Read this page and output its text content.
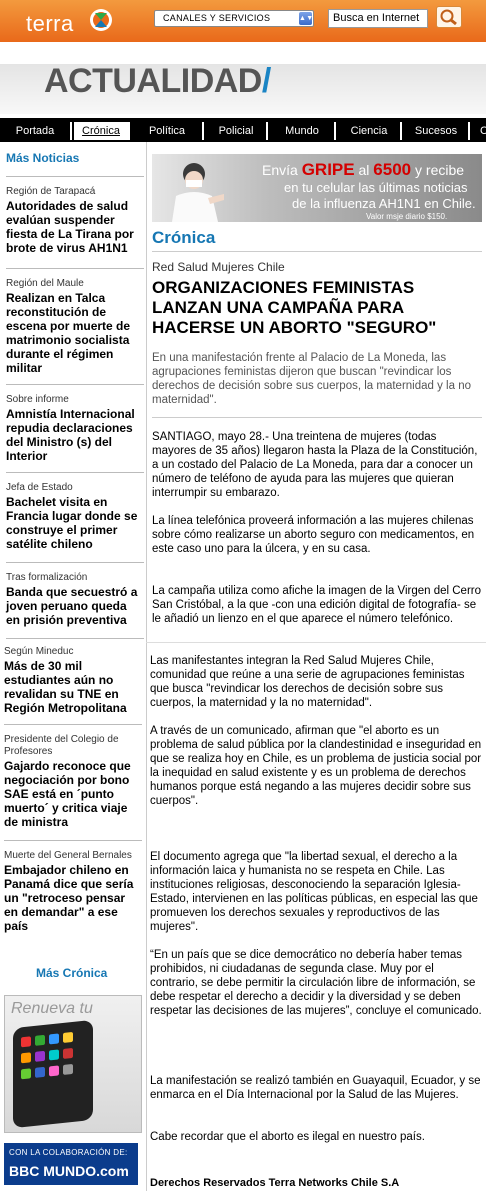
terra	CANALES Y SERVICIOS	▲▼	Busca en Internet
ACTUALIDAD/
Portada	Crónica	Política	Policial	Mundo	Ciencia	Sucesos	Ce
Más Noticias
Región de Tarapacá
Autoridades de salud evalúan suspender fiesta de La Tirana por brote de virus AH1N1
Región del Maule
Realizan en Talca reconstitución de escena por muerte de matrimonio socialista durante el régimen militar
Sobre informe
Amnistía Internacional repudia declaraciones del Ministro (s) del Interior
Jefa de Estado
Bachelet visita en Francia lugar donde se construye el primer satélite chileno
Tras formalización
Banda que secuestró a joven peruano queda en prisión preventiva
Según Mineduc
Más de 30 mil estudiantes aún no revalidan su TNE en Región Metropolitana
Presidente del Colegio de Profesores
Gajardo reconoce que negociación por bono SAE está en ´punto muerto´ y critica viaje de ministra
Muerte del General Bernales
Embajador chileno en Panamá dice que sería un "retroceso pensar en demandar" a ese país
Más Crónica
Renueva tu
CON LA COLABORACIÓN DE:
BBC MUNDO.com
Envía GRIPE al 6500 y recibe
en tu celular las últimas noticias
de la influenza AH1N1 en Chile.
Valor msje diario $150.
Crónica
Red Salud Mujeres Chile
ORGANIZACIONES FEMINISTAS LANZAN UNA CAMPAÑA PARA HACERSE UN ABORTO "SEGURO"
En una manifestación frente al Palacio de La Moneda, las agrupaciones feministas dijeron que buscan "revindicar los derechos de decisión sobre sus cuerpos, la maternidad y la no maternidad".
SANTIAGO, mayo 28.- Una treintena de mujeres (todas mayores de 35 años) llegaron hasta la Plaza de la Constitución, a un costado del Palacio de La Moneda, para dar a conocer un número de teléfono de ayuda para las mujeres que quieran interrumpir su embarazo.
La línea telefónica proveerá información a las mujeres chilenas sobre cómo realizarse un aborto seguro con medicamentos, en este caso uno para la úlcera, y en su casa.
La campaña utiliza como afiche la imagen de la Virgen del Cerro San Cristóbal, a la que -con una edición digital de fotografía- se le añadió un lienzo en el que aparece el número telefónico.
Las manifestantes integran la Red Salud Mujeres Chile, comunidad que reúne a una serie de agrupaciones feministas que busca "revindicar los derechos de decisión sobre sus cuerpos, la maternidad y la no maternidad".
A través de un comunicado, afirman que "el aborto es un problema de salud pública por la clandestinidad e inseguridad en que se realiza hoy en Chile, es un problema de justicia social por la inequidad en salud existente y es un problema de derechos humanos porque está negando a las mujeres decidir sobre sus cuerpos".
El documento agrega que "la libertad sexual, el derecho a la información laica y humanista no se respeta en Chile. Las instituciones religiosas, desconociendo la separación Iglesia-Estado, intervienen en las políticas públicas, en especial las que promueven los derechos sexuales y reproductivos de las mujeres".
“En un país que se dice democrático no debería haber temas prohibidos, ni ciudadanas de segunda clase. Muy por el contrario, se debe permitir la circulación libre de información, se debe respetar el derecho a decidir y la diversidad y se deben respetar las decisiones de las mujeres”, concluye el comunicado.
La manifestación se realizó también en Guayaquil, Ecuador, y se enmarca en el Día Internacional por la Salud de las Mujeres.
Cabe recordar que el aborto es ilegal en nuestro país.
Derechos Reservados Terra Networks Chile S.A
